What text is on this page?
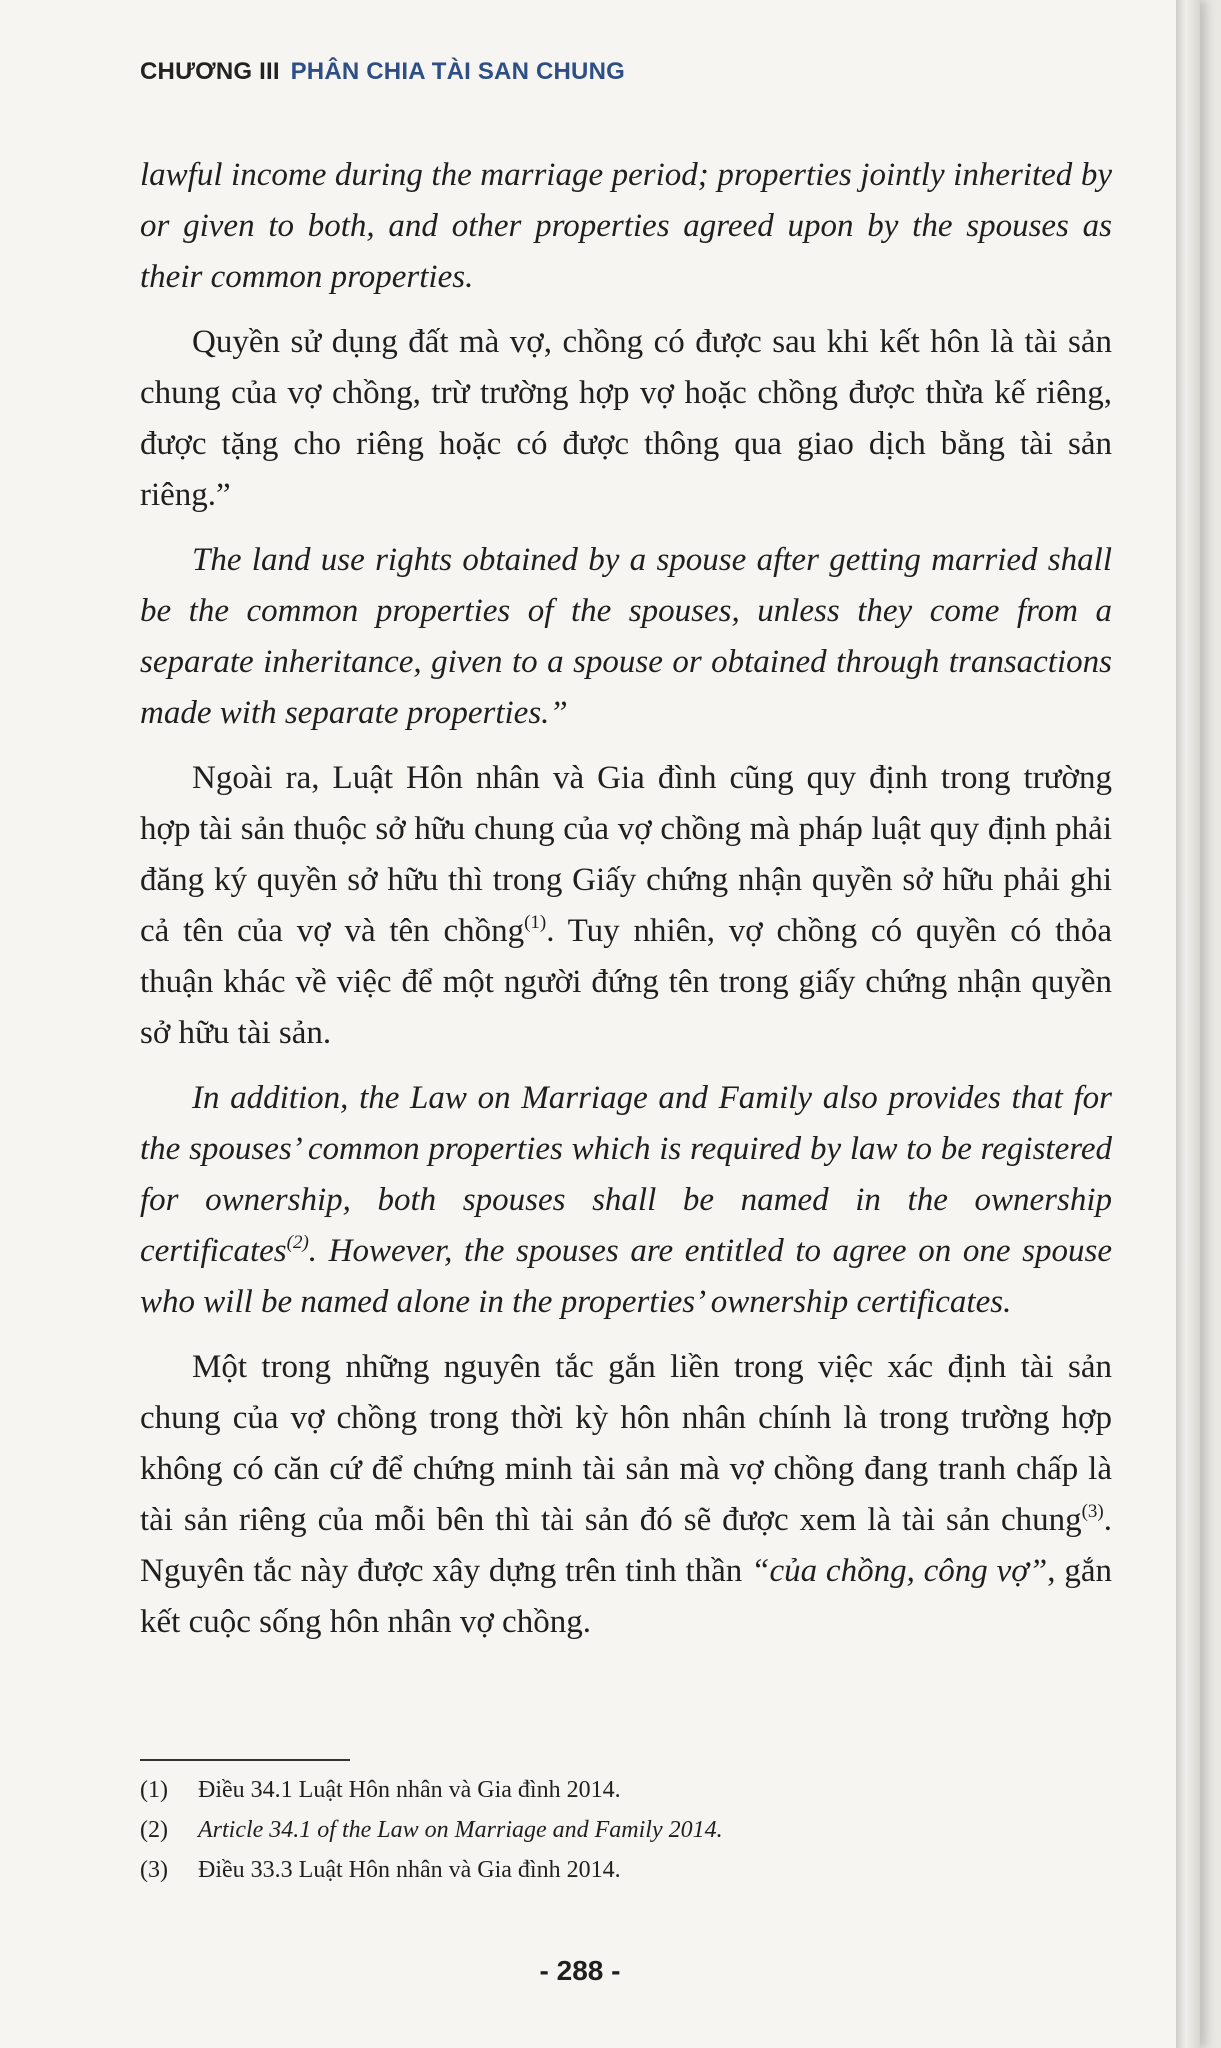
CHƯƠNG III PHÂN CHIA TÀI SAN CHUNG

lawful income during the marriage period; properties jointly inherited by or given to both, and other properties agreed upon by the spouses as their common properties.

Quyền sử dụng đất mà vợ, chồng có được sau khi kết hôn là tài sản chung của vợ chồng, trừ trường hợp vợ hoặc chồng được thừa kế riêng, được tặng cho riêng hoặc có được thông qua giao dịch bằng tài sản riêng.”

The land use rights obtained by a spouse after getting married shall be the common properties of the spouses, unless they come from a separate inheritance, given to a spouse or obtained through transactions made with separate properties.”

Ngoài ra, Luật Hôn nhân và Gia đình cũng quy định trong trường hợp tài sản thuộc sở hữu chung của vợ chồng mà pháp luật quy định phải đăng ký quyền sở hữu thì trong Giấy chứng nhận quyền sở hữu phải ghi cả tên của vợ và tên chồng$^{(1)}$. Tuy nhiên, vợ chồng có quyền có thỏa thuận khác về việc để một người đứng tên trong giấy chứng nhận quyền sở hữu tài sản.

In addition, the Law on Marriage and Family also provides that for the spouses’ common properties which is required by law to be registered for ownership, both spouses shall be named in the ownership certificates$^{(2)}$. However, the spouses are entitled to agree on one spouse who will be named alone in the properties’ ownership certificates.

Một trong những nguyên tắc gắn liền trong việc xác định tài sản chung của vợ chồng trong thời kỳ hôn nhân chính là trong trường hợp không có căn cứ để chứng minh tài sản mà vợ chồng đang tranh chấp là tài sản riêng của mỗi bên thì tài sản đó sẽ được xem là tài sản chung$^{(3)}$. Nguyên tắc này được xây dựng trên tinh thần “của chồng, công vợ”, gắn kết cuộc sống hôn nhân vợ chồng.

(1) Điều 34.1 Luật Hôn nhân và Gia đình 2014.
(2) Article 34.1 of the Law on Marriage and Family 2014.
(3) Điều 33.3 Luật Hôn nhân và Gia đình 2014.
- 288 -
